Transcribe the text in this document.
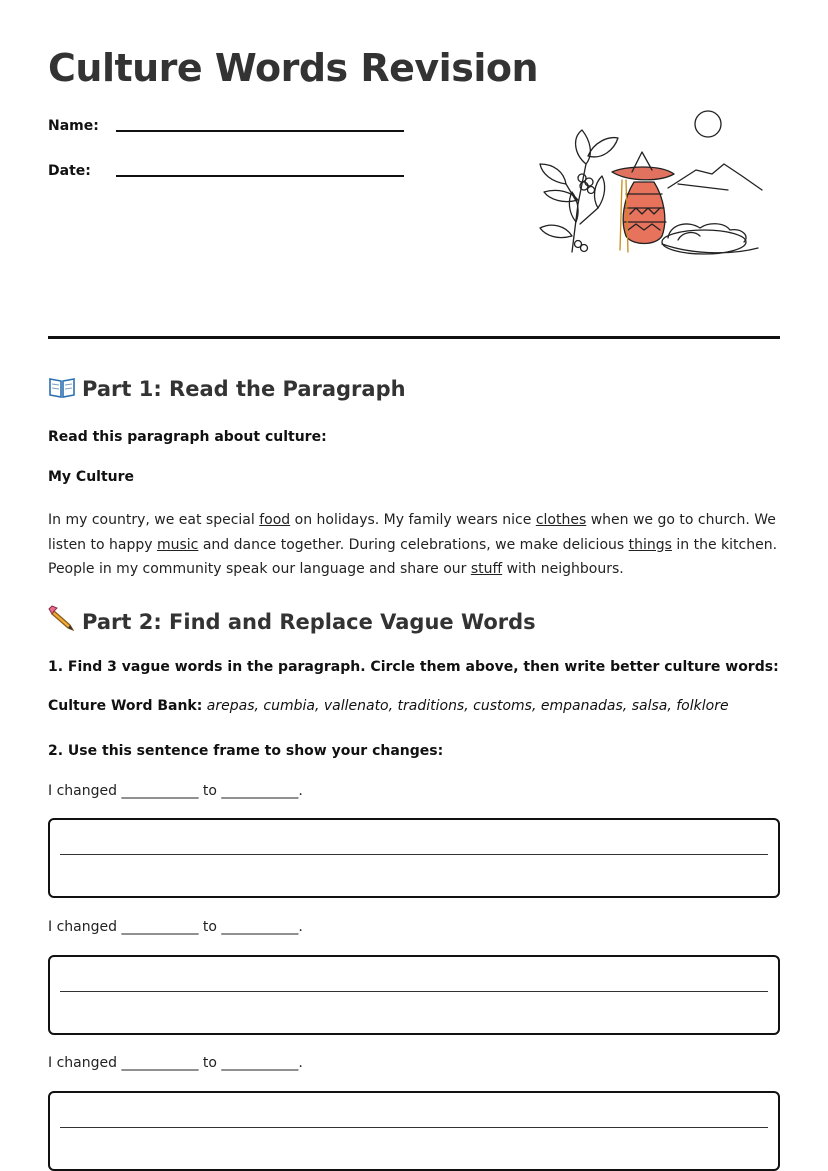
Culture Words Revision
Name:
Date:
Part 1: Read the Paragraph
Read this paragraph about culture:
My Culture
In my country, we eat special food on holidays. My family wears nice clothes when we go to church. We listen to happy music and dance together. During celebrations, we make delicious things in the kitchen. People in my community speak our language and share our stuff with neighbours.
Part 2: Find and Replace Vague Words
1. Find 3 vague words in the paragraph. Circle them above, then write better culture words:
Culture Word Bank: arepas, cumbia, vallenato, traditions, customs, empanadas, salsa, folklore
2. Use this sentence frame to show your changes:
I changed ___________ to ___________.
I changed ___________ to ___________.
I changed ___________ to ___________.
